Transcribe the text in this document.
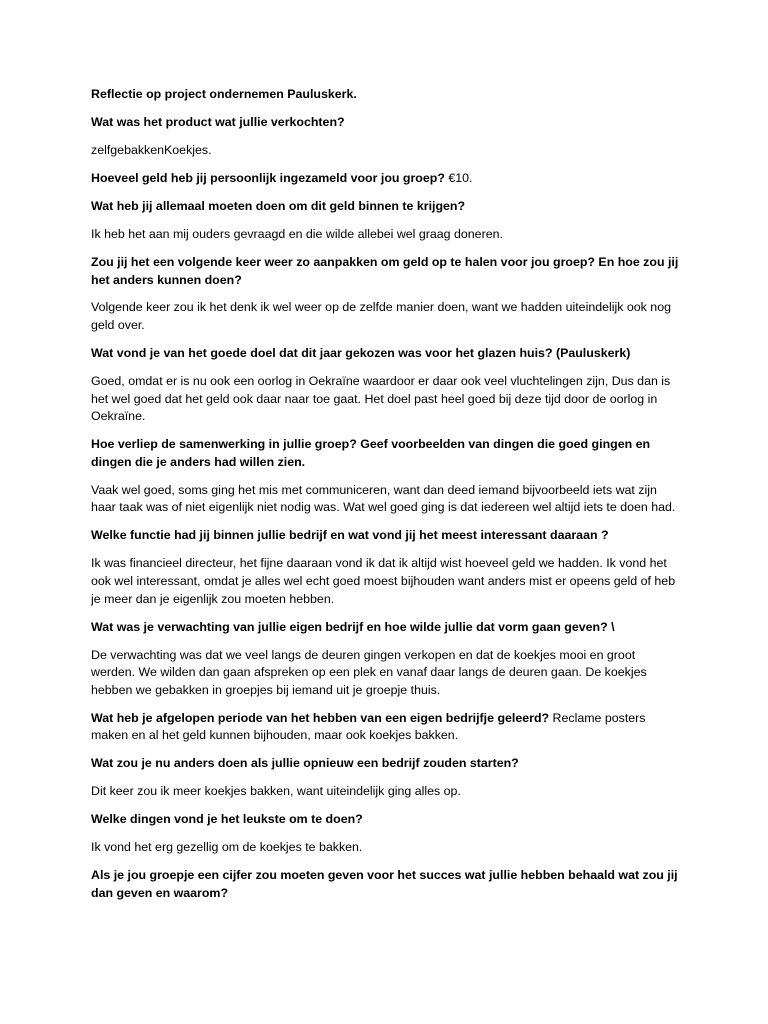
Reflectie op project ondernemen Pauluskerk.

Wat was het product wat jullie verkochten?

zelfgebakkenKoekjes.

Hoeveel geld heb jij persoonlijk ingezameld voor jou groep? €10.

Wat heb jij allemaal moeten doen om dit geld binnen te krijgen?

Ik heb het aan mij ouders gevraagd en die wilde allebei wel graag doneren.

Zou jij het een volgende keer weer zo aanpakken om geld op te halen voor jou groep? En hoe zou jij het anders kunnen doen?

Volgende keer zou ik het denk ik wel weer op de zelfde manier doen, want we hadden uiteindelijk ook nog geld over.

Wat vond je van het goede doel dat dit jaar gekozen was voor het glazen huis? (Pauluskerk)

Goed, omdat er is nu ook een oorlog in Oekraïne waardoor er daar ook veel vluchtelingen zijn, Dus dan is het wel goed dat het geld ook daar naar toe gaat. Het doel past heel goed bij deze tijd door de oorlog in Oekraïne.

Hoe verliep de samenwerking in jullie groep? Geef voorbeelden van dingen die goed gingen en dingen die je anders had willen zien.

Vaak wel goed, soms ging het mis met communiceren, want dan deed iemand bijvoorbeeld iets wat zijn haar taak was of niet eigenlijk niet nodig was. Wat wel goed ging is dat iedereen wel altijd iets te doen had.

Welke functie had jij binnen jullie bedrijf en wat vond jij het meest interessant daaraan ?

Ik was financieel directeur, het fijne daaraan vond ik dat ik altijd wist hoeveel geld we hadden. Ik vond het ook wel interessant, omdat je alles wel echt goed moest bijhouden want anders mist er opeens geld of heb je meer dan je eigenlijk zou moeten hebben.

Wat was je verwachting van jullie eigen bedrijf en hoe wilde jullie dat vorm gaan geven? \

De verwachting was dat we veel langs de deuren gingen verkopen en dat de koekjes mooi en groot werden. We wilden dan gaan afspreken op een plek en vanaf daar langs de deuren gaan. De koekjes hebben we gebakken in groepjes bij iemand uit je groepje thuis.

Wat heb je afgelopen periode van het hebben van een eigen bedrijfje geleerd? Reclame posters maken en al het geld kunnen bijhouden, maar ook koekjes bakken.

Wat zou je nu anders doen als jullie opnieuw een bedrijf zouden starten?

Dit keer zou ik meer koekjes bakken, want uiteindelijk ging alles op.

Welke dingen vond je het leukste om te doen?

Ik vond het erg gezellig om de koekjes te bakken.

Als je jou groepje een cijfer zou moeten geven voor het succes wat jullie hebben behaald wat zou jij dan geven en waarom?
